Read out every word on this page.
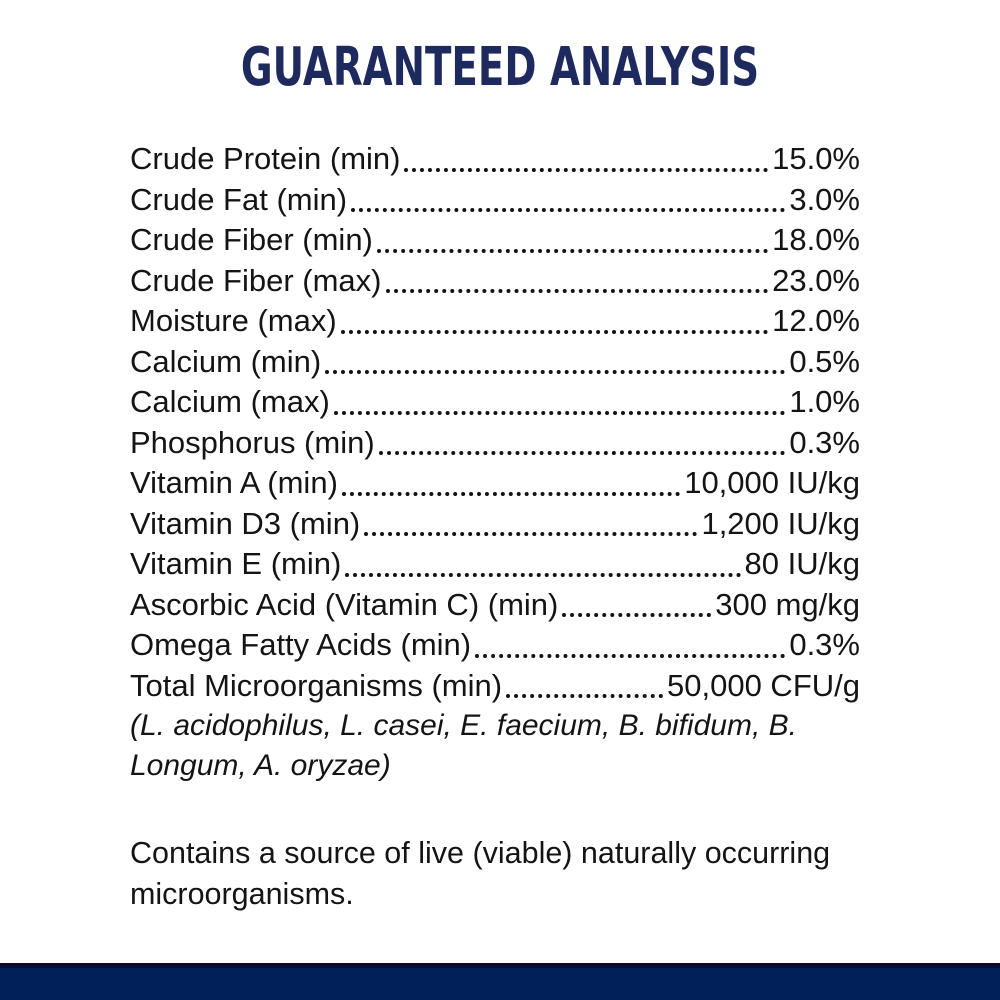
GUARANTEED ANALYSIS
Crude Protein (min)	15.0%
Crude Fat (min)	3.0%
Crude Fiber (min)	18.0%
Crude Fiber (max)	23.0%
Moisture (max)	12.0%
Calcium (min)	0.5%
Calcium (max)	1.0%
Phosphorus (min)	0.3%
Vitamin A (min)	10,000 IU/kg
Vitamin D3 (min)	1,200 IU/kg
Vitamin E (min)	80 IU/kg
Ascorbic Acid (Vitamin C) (min)	300 mg/kg
Omega Fatty Acids (min)	0.3%
Total Microorganisms (min)	50,000 CFU/g

(L. acidophilus, L. casei, E. faecium, B. bifidum, B. Longum, A. oryzae)

Contains a source of live (viable) naturally occurring microorganisms.
